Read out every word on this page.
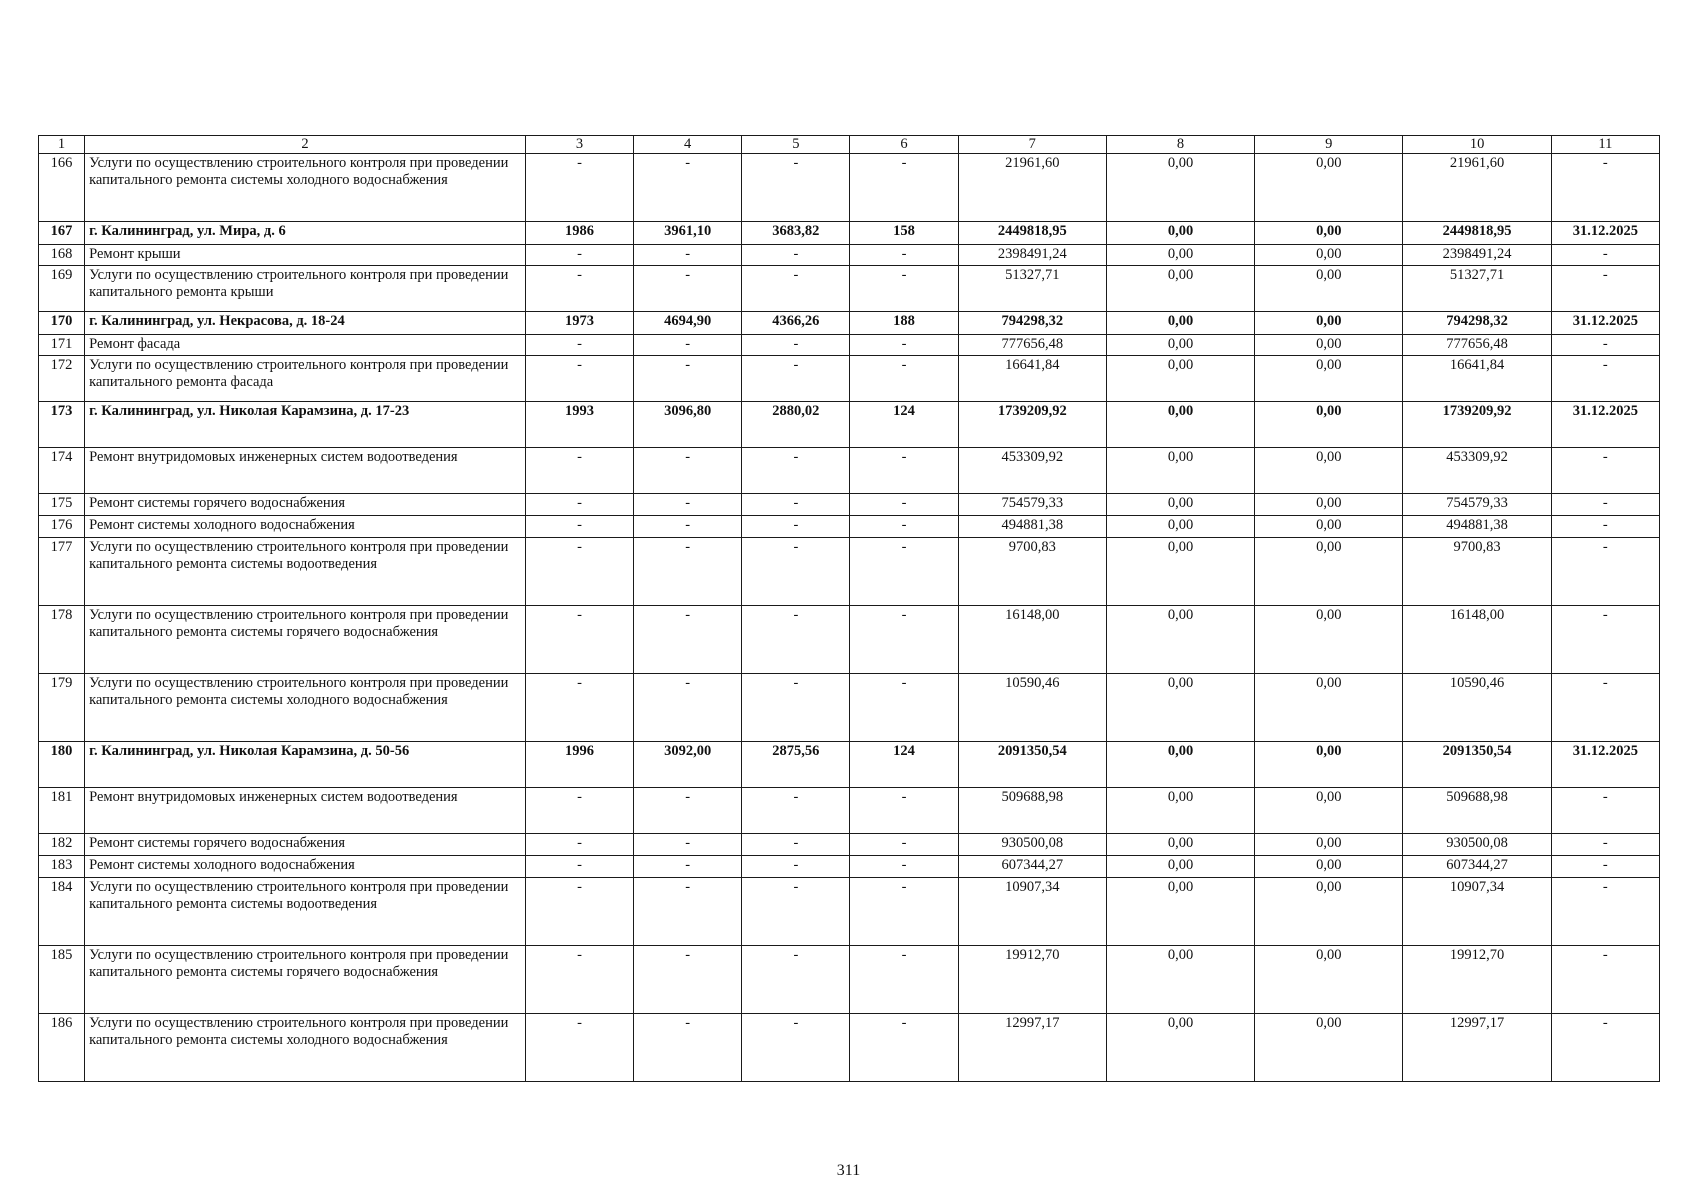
1	2	3	4	5	6	7	8	9	10	11
166	Услуги по осуществлению строительного контроля при проведении капитального ремонта системы холодного водоснабжения	-	-	-	-	21961,60	0,00	0,00	21961,60	-
167	г. Калининград, ул. Мира, д. 6	1986	3961,10	3683,82	158	2449818,95	0,00	0,00	2449818,95	31.12.2025
168	Ремонт крыши	-	-	-	-	2398491,24	0,00	0,00	2398491,24	-
169	Услуги по осуществлению строительного контроля при проведении капитального ремонта крыши	-	-	-	-	51327,71	0,00	0,00	51327,71	-
170	г. Калининград, ул. Некрасова, д. 18-24	1973	4694,90	4366,26	188	794298,32	0,00	0,00	794298,32	31.12.2025
171	Ремонт фасада	-	-	-	-	777656,48	0,00	0,00	777656,48	-
172	Услуги по осуществлению строительного контроля при проведении капитального ремонта фасада	-	-	-	-	16641,84	0,00	0,00	16641,84	-
173	г. Калининград, ул. Николая Карамзина, д. 17-23	1993	3096,80	2880,02	124	1739209,92	0,00	0,00	1739209,92	31.12.2025
174	Ремонт внутридомовых инженерных систем водоотведения	-	-	-	-	453309,92	0,00	0,00	453309,92	-
175	Ремонт системы горячего водоснабжения	-	-	-	-	754579,33	0,00	0,00	754579,33	-
176	Ремонт системы холодного водоснабжения	-	-	-	-	494881,38	0,00	0,00	494881,38	-
177	Услуги по осуществлению строительного контроля при проведении капитального ремонта системы водоотведения	-	-	-	-	9700,83	0,00	0,00	9700,83	-
178	Услуги по осуществлению строительного контроля при проведении капитального ремонта системы горячего водоснабжения	-	-	-	-	16148,00	0,00	0,00	16148,00	-
179	Услуги по осуществлению строительного контроля при проведении капитального ремонта системы холодного водоснабжения	-	-	-	-	10590,46	0,00	0,00	10590,46	-
180	г. Калининград, ул. Николая Карамзина, д. 50-56	1996	3092,00	2875,56	124	2091350,54	0,00	0,00	2091350,54	31.12.2025
181	Ремонт внутридомовых инженерных систем водоотведения	-	-	-	-	509688,98	0,00	0,00	509688,98	-
182	Ремонт системы горячего водоснабжения	-	-	-	-	930500,08	0,00	0,00	930500,08	-
183	Ремонт системы холодного водоснабжения	-	-	-	-	607344,27	0,00	0,00	607344,27	-
184	Услуги по осуществлению строительного контроля при проведении капитального ремонта системы водоотведения	-	-	-	-	10907,34	0,00	0,00	10907,34	-
185	Услуги по осуществлению строительного контроля при проведении капитального ремонта системы горячего водоснабжения	-	-	-	-	19912,70	0,00	0,00	19912,70	-
186	Услуги по осуществлению строительного контроля при проведении капитального ремонта системы холодного водоснабжения	-	-	-	-	12997,17	0,00	0,00	12997,17	-
311
